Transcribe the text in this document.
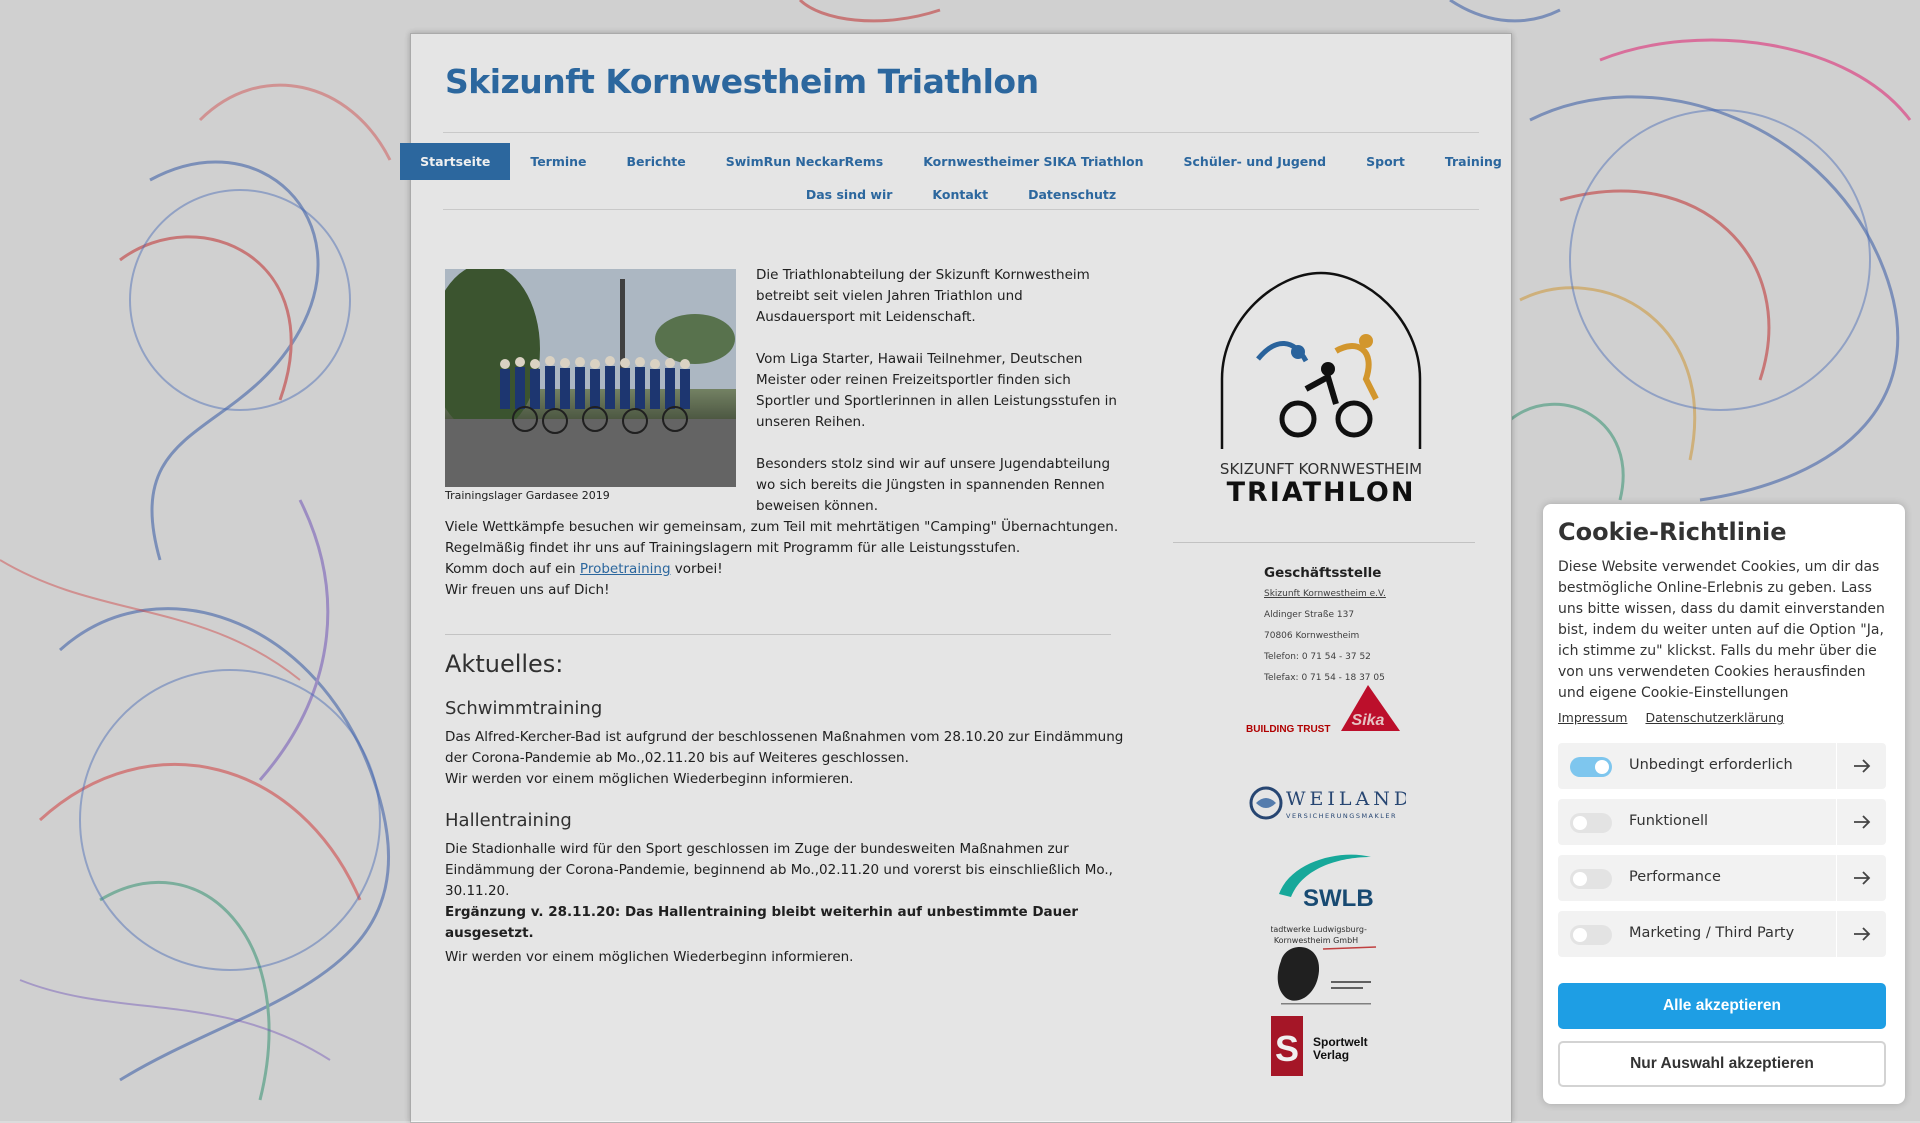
Skizunft Kornwestheim Triathlon
Startseite	Termine	Berichte	SwimRun NeckarRems	Kornwestheimer SIKA Triathlon	Schüler- und Jugend	Sport	Training
Das sind wir	Kontakt	Datenschutz
Trainingslager Gardasee 2019

Die Triathlonabteilung der Skizunft Kornwestheim betreibt seit vielen Jahren Triathlon und Ausdauersport mit Leidenschaft.

Vom Liga Starter, Hawaii Teilnehmer, Deutschen Meister oder reinen Freizeitsportler finden sich Sportler und Sportlerinnen in allen Leistungsstufen in unseren Reihen.

Besonders stolz sind wir auf unsere Jugendabteilung wo sich bereits die Jüngsten in spannenden Rennen beweisen können.

Viele Wettkämpfe besuchen wir gemeinsam, zum Teil mit mehrtätigen "Camping" Übernachtungen.

Regelmäßig findet ihr uns auf Trainingslagern mit Programm für alle Leistungsstufen.

Komm doch auf ein Probetraining vorbei!

Wir freuen uns auf Dich!

Aktuelles:
Schwimmtraining

Das Alfred-Kercher-Bad ist aufgrund der beschlossenen Maßnahmen vom 28.10.20 zur Eindämmung der Corona-Pandemie ab Mo.,02.11.20 bis auf Weiteres geschlossen.

Wir werden vor einem möglichen Wiederbeginn informieren.

Hallentraining

Die Stadionhalle wird für den Sport geschlossen im Zuge der bundesweiten Maßnahmen zur Eindämmung der Corona-Pandemie, beginnend ab Mo.,02.11.20 und vorerst bis einschließlich Mo., 30.11.20.

Ergänzung v. 28.11.20: Das Hallentraining bleibt weiterhin auf unbestimmte Dauer ausgesetzt.

Wir werden vor einem möglichen Wiederbeginn informieren.

SKIZUNFT KORNWESTHEIM
TRIATHLON
Geschäftsstelle
Skizunft Kornwestheim e.V.
Aldinger Straße 137
70806 Kornwestheim
Telefon: 0 71 54 - 37 52
Telefax: 0 71 54 - 18 37 05
BUILDING TRUST
Sika
WEILAND
VERSICHERUNGSMAKLER
SWLB
Stadtwerke Ludwigsburg-
Kornwestheim GmbH
S Sportwelt
Verlag
Cookie-Richtlinie
Diese Website verwendet Cookies, um dir das bestmögliche Online-Erlebnis zu geben. Lass uns bitte wissen, dass du damit einverstanden bist, indem du weiter unten auf die Option "Ja, ich stimme zu" klickst. Falls du mehr über die von uns verwendeten Cookies herausfinden und eigene Cookie-Einstellungen
Impressum Datenschutzerklärung
Unbedingt erforderlich
Funktionell
Performance
Marketing / Third Party
Alle akzeptieren
Nur Auswahl akzeptieren
